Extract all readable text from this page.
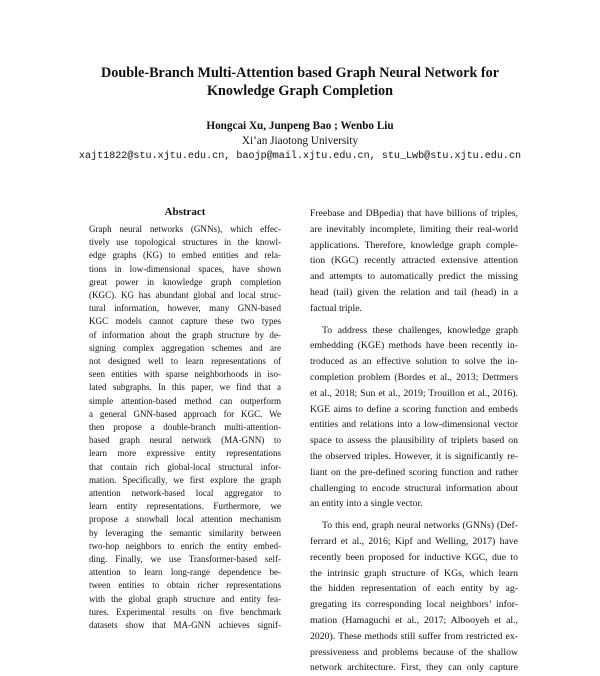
Double-Branch Multi-Attention based Graph Neural Network for
Knowledge Graph Completion
Hongcai Xu, Junpeng Bao ; Wenbo Liu
Xi’an Jiaotong University
xajt1822@stu.xjtu.edu.cn, baojp@mail.xjtu.edu.cn, stu_Lwb@stu.xjtu.edu.cn
Abstract
Graph neural networks (GNNs), which effec-
tively use topological structures in the knowl-
edge graphs (KG) to embed entities and rela-
tions in low-dimensional spaces, have shown
great power in knowledge graph completion
(KGC). KG has abundant global and local struc-
tural information, however, many GNN-based
KGC models cannot capture these two types
of information about the graph structure by de-
signing complex aggregation schemes and are
not designed well to learn representations of
seen entities with sparse neighborhoods in iso-
lated subgraphs. In this paper, we find that a
simple attention-based method can outperform
a general GNN-based approach for KGC. We
then propose a double-branch multi-attention-
based graph neural network (MA-GNN) to
learn more expressive entity representations
that contain rich global-local structural infor-
mation. Specifically, we first explore the graph
attention network-based local aggregator to
learn entity representations. Furthermore, we
propose a snowball local attention mechanism
by leveraging the semantic similarity between
two-hop neighbors to enrich the entity embed-
ding. Finally, we use Transformer-based self-
attention to learn long-range dependence be-
tween entities to obtain richer representations
with the global graph structure and entity fea-
tures. Experimental results on five benchmark
datasets show that MA-GNN achieves signif-
Freebase and DBpedia) that have billions of triples,
are inevitably incomplete, limiting their real-world
applications. Therefore, knowledge graph comple-
tion (KGC) recently attracted extensive attention
and attempts to automatically predict the missing
head (tail) given the relation and tail (head) in a
factual triple.
To address these challenges, knowledge graph
embedding (KGE) methods have been recently in-
troduced as an effective solution to solve the in-
completion problem (Bordes et al., 2013; Dettmers
et al., 2018; Sun et al., 2019; Trouillon et al., 2016).
KGE aims to define a scoring function and embeds
entities and relations into a low-dimensional vector
space to assess the plausibility of triplets based on
the observed triples. However, it is significantly re-
liant on the pre-defined scoring function and rather
challenging to encode structural information about
an entity into a single vector.
To this end, graph neural networks (GNNs) (Def-
ferrard et al., 2016; Kipf and Welling, 2017) have
recently been proposed for inductive KGC, due to
the intrinsic graph structure of KGs, which learn
the hidden representation of each entity by ag-
gregating its corresponding local neighbors’ infor-
mation (Hamaguchi et al., 2017; Albooyeh et al.,
2020). These methods still suffer from restricted ex-
pressiveness and problems because of the shallow
network architecture. First, they can only capture
